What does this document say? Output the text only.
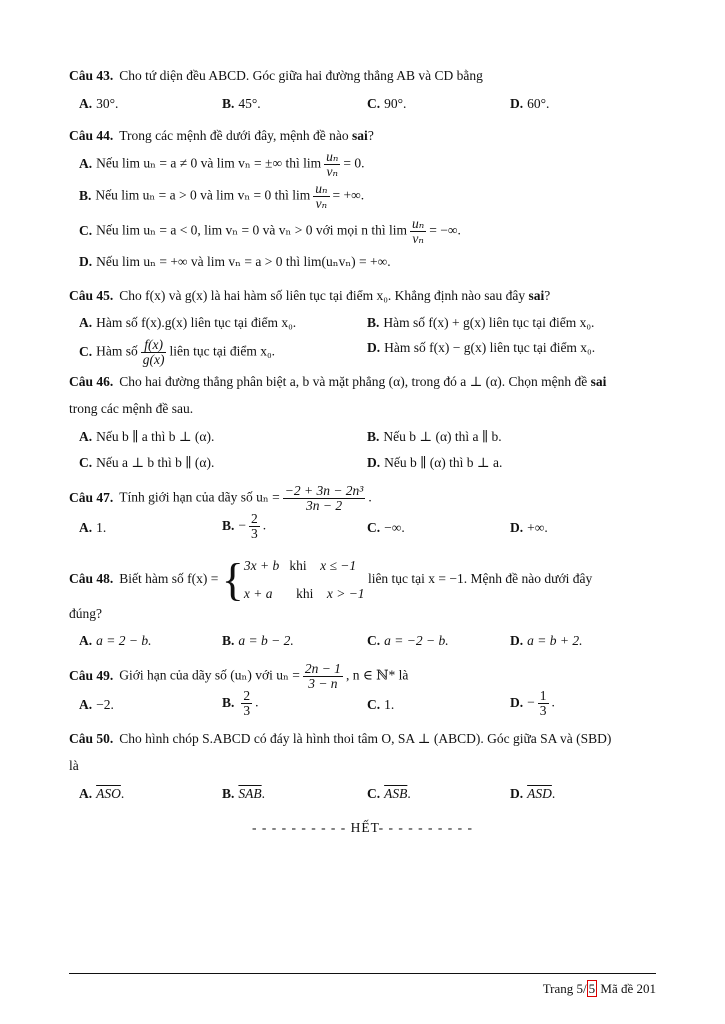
Câu 43. Cho tứ diện đều ABCD. Góc giữa hai đường thẳng AB và CD bằng
A. 30°.	B. 45°.	C. 90°.	D. 60°.
Câu 44. Trong các mệnh đề dưới đây, mệnh đề nào sai?
A. Nếu lim uₙ = a ≠ 0 và lim vₙ = ±∞ thì $\lim \frac{\text{uₙ}}{\text{vₙ}} = 0$.
B. Nếu lim uₙ = a > 0 và lim vₙ = 0 thì $\lim \frac{\text{uₙ}}{\text{vₙ}}$ = +∞.
C. Nếu lim uₙ = a < 0, lim vₙ = 0 và vₙ > 0 với mọi n thì $\lim \frac{\text{uₙ}}{\text{vₙ}}$ = −∞.
D. Nếu lim uₙ = +∞ và lim vₙ = a > 0 thì lim(uₙvₙ) = +∞.
Câu 45. Cho f(x) và g(x) là hai hàm số liên tục tại điểm x₀. Khẳng định nào sau đây sai?
A. Hàm số f(x).g(x) liên tục tại điểm x₀.	B. Hàm số f(x) + g(x) liên tục tại điểm x₀.
C. Hàm số $\frac{f(x)}{g(x)}$ liên tục tại điểm x₀.	D. Hàm số f(x) − g(x) liên tục tại điểm x₀.
Câu 46. Cho hai đường thẳng phân biệt a, b và mặt phẳng (α), trong đó a ⊥ (α). Chọn mệnh đề sai
trong các mệnh đề sau.
A. Nếu b ∥ a thì b ⊥ (α).	B. Nếu b ⊥ (α) thì a ∥ b.
C. Nếu a ⊥ b thì b ∥ (α).	D. Nếu b ∥ (α) thì b ⊥ a.
Câu 47. Tính giới hạn của dãy số $u_n = \frac{\text{−2 + 3n − 2n³}}{3n - 2}$ .
A. 1.	B. − $\frac{2}{3}$ .	C. −∞.	D. +∞.
Câu 48. Biết hàm số f(x) = { 3x + b khi x ≤ −1
x + a khi x > −1
liên tục tại x = −1. Mệnh đề nào dưới đây
đúng?
A. a = 2 − b.	B. a = b − 2.	C. a = −2 − b.	D. a = b + 2.
Câu 49. Giới hạn của dãy số (uₙ) với $u_n = \frac{2n - 1}{3 - n}$ , n ∈ ℕ* là
A. −2.	B. $\frac{2}{3}$ .	C. 1.	D. − $\frac{1}{3}$ .
Câu 50. Cho hình chóp S.ABCD có đáy là hình thoi tâm O, SA ⊥ (ABCD). Góc giữa SA và (SBD)
là
A. $\overline{ASO}$.	B. $\overline{SAB}$.	C. $\overline{ASB}$.	D. $\overline{ASD}$.
- - - - - - - - - - HẾT- - - - - - - - - -
Trang 5/ 5 Mã đề 201
